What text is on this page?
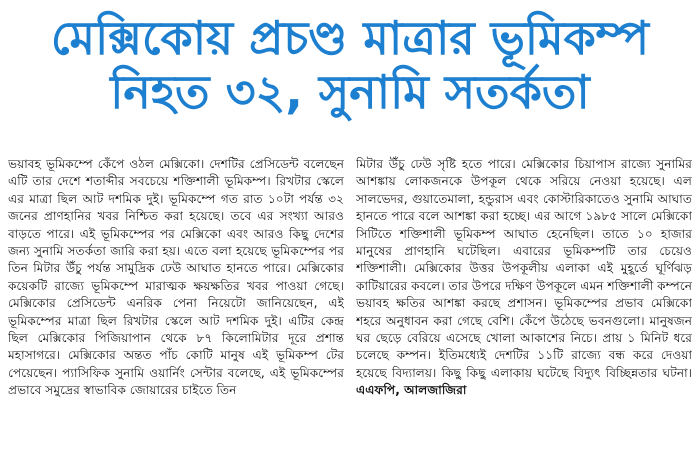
মেক্সিকোয় প্রচণ্ড মাত্রার ভূমিকম্প
নিহত ৩২, সুনামি সতর্কতা

ভয়াবহ ভূমিকম্পে কেঁপে ওঠল মেক্সিকো। দেশটির প্রেসিডেন্ট বলেছেন এটি তার দেশে শতাব্দীর সবচেয়ে শক্তিশালী ভূমিকম্প। রিখটার স্কেলে এর মাত্রা ছিল আট দশমিক দুই। ভূমিকম্পে গত রাত ১০টা পর্যন্ত ৩২ জনের প্রাণহানির খবর নিশ্চিত করা হয়েছে। তবে এর সংখ্যা আরও বাড়তে পারে। এই ভূমিকম্পের পর মেক্সিকো এবং আরও কিছু দেশের জন্য সুনামি সতর্কতা জারি করা হয়। এতে বলা হয়েছে ভূমিকম্পের পর তিন মিটার উঁচু পর্যন্ত সামুদ্রিক ঢেউ আঘাত হানতে পারে। মেক্সিকোর কয়েকটি রাজ্যে ভূমিকম্পে মারাত্মক ক্ষয়ক্ষতির খবর পাওয়া গেছে। মেক্সিকোর প্রেসিডেন্ট এনরিক পেনা নিয়েটো জানিয়েছেন, এই ভূমিকম্পের মাত্রা ছিল রিখটার স্কেলে আট দশমিক দুই। এটির কেন্দ্র ছিল মেক্সিকোর পিজিয়াপান থেকে ৮৭ কিলোমিটার দূরে প্রশান্ত মহাসাগরে। মেক্সিকোর অন্তত পাঁচ কোটি মানুষ এই ভূমিকম্প টের পেয়েছেন। প্যাসিফিক সুনামি ওয়ার্নিং সেন্টার বলেছে, এই ভূমিকম্পের প্রভাবে সমুদ্রের স্বাভাবিক জোয়ারের চাইতে তিন

মিটার উঁচু ঢেউ সৃষ্টি হতে পারে। মেক্সিকোর চিয়াপাস রাজ্যে সুনামির আশঙ্কায় লোকজনকে উপকূল থেকে সরিয়ে নেওয়া হয়েছে। এল সালভেদর, গুয়াতেমালা, হন্ডুরাস এবং কোস্টারিকাতেও সুনামি আঘাত হানতে পারে বলে আশঙ্কা করা হচ্ছে। এর আগে ১৯৮৫ সালে মেক্সিকো সিটিতে শক্তিশালী ভূমিকম্প আঘাত হেনেছিল। তাতে ১০ হাজার মানুষের প্রাণহানি ঘটেছিল। এবারের ভূমিকম্পটি তার চেয়েও শক্তিশালী। মেক্সিকোর উত্তর উপকূলীয় এলাকা এই মুহূর্তে ঘূর্ণিঝড় কাটিয়ারের কবলে। তার উপরে দক্ষিণ উপকূলে এমন শক্তিশালী কম্পনে ভয়াবহ ক্ষতির আশঙ্কা করছে প্রশাসন। ভূমিকম্পের প্রভাব মেক্সিকো শহরে অনুধাবন করা গেছে বেশি। কেঁপে উঠেছে ভবনগুলো। মানুষজন ঘর ছেড়ে বেরিয়ে এসেছে খোলা আকাশের নিচে। প্রায় ১ মিনিট ধরে চলেছে কম্পন। ইতিমধ্যেই দেশটির ১১টি রাজ্যে বন্ধ করে দেওয়া হয়েছে বিদ্যালয়। কিছু কিছু এলাকায় ঘটেছে বিদ্যুৎ বিচ্ছিন্নতার ঘটনা। এএফপি, আলজাজিরা
